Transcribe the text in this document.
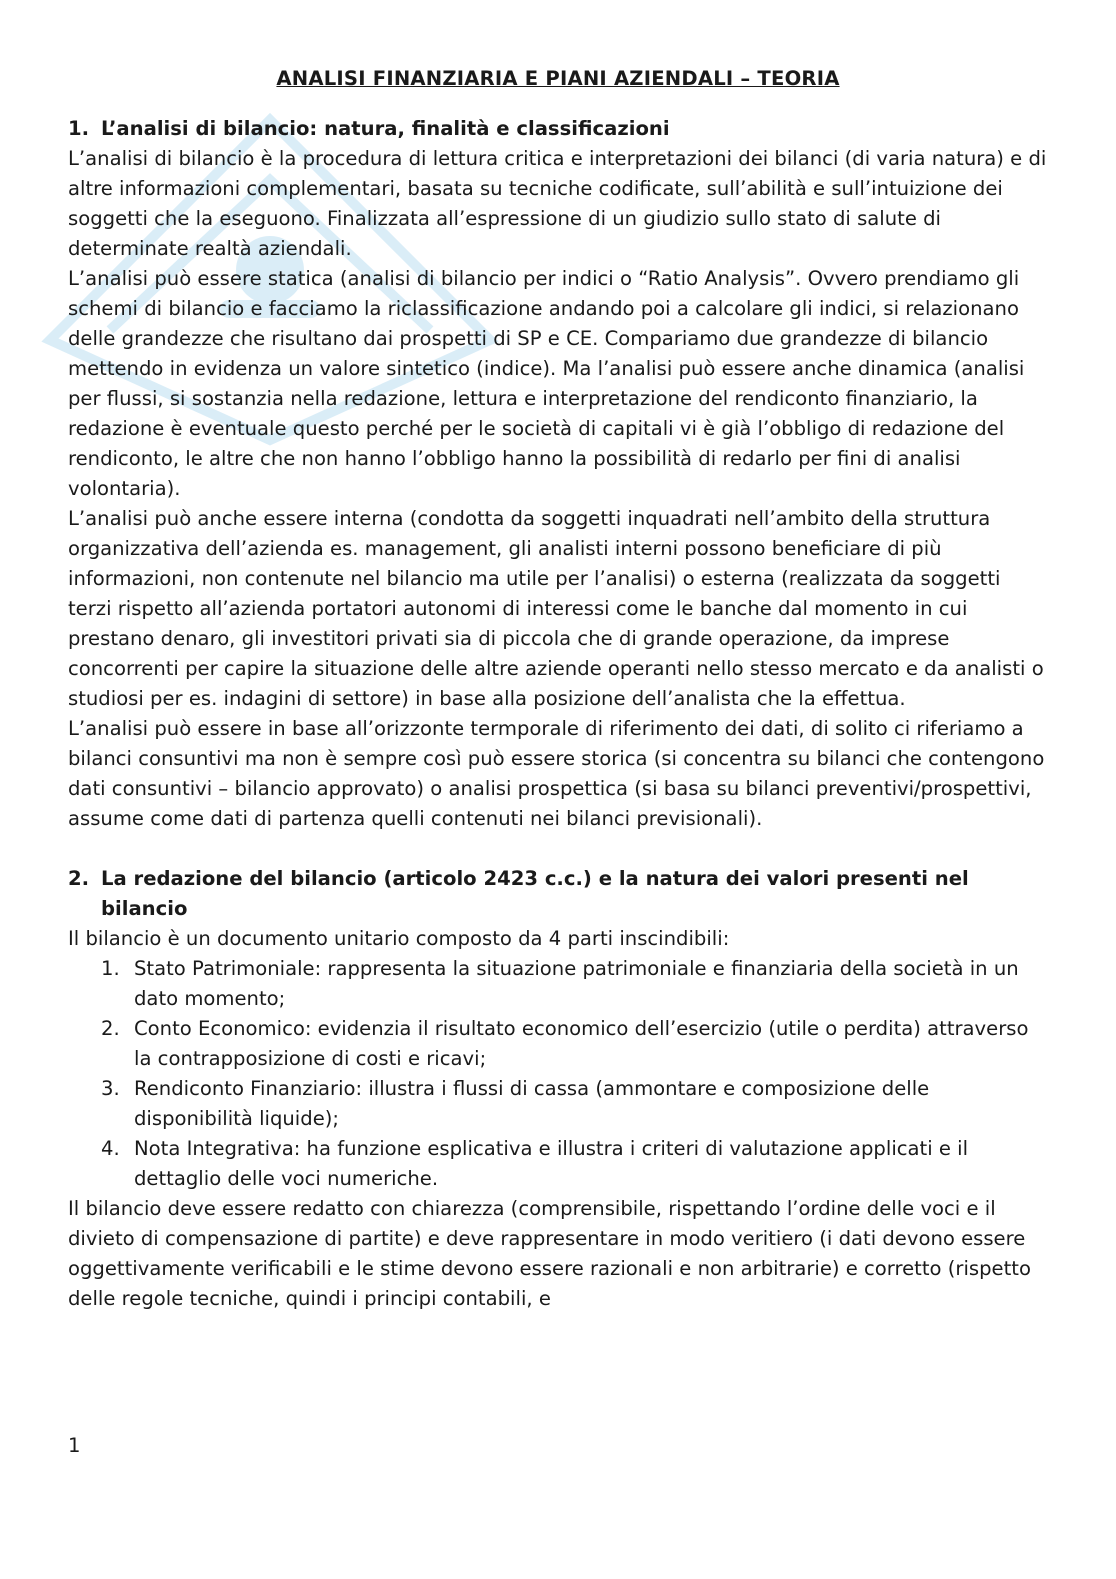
ANALISI FINANZIARIA E PIANI AZIENDALI – TEORIA
1. L’analisi di bilancio: natura, finalità e classificazioni

L’analisi di bilancio è la procedura di lettura critica e interpretazioni dei bilanci (di varia natura) e di altre informazioni complementari, basata su tecniche codificate, sull’abilità e sull’intuizione dei soggetti che la eseguono. Finalizzata all’espressione di un giudizio sullo stato di salute di determinate realtà aziendali.

L’analisi può essere statica (analisi di bilancio per indici o “Ratio Analysis”. Ovvero prendiamo gli schemi di bilancio e facciamo la riclassificazione andando poi a calcolare gli indici, si relazionano delle grandezze che risultano dai prospetti di SP e CE. Compariamo due grandezze di bilancio mettendo in evidenza un valore sintetico (indice). Ma l’analisi può essere anche dinamica (analisi per flussi, si sostanzia nella redazione, lettura e interpretazione del rendiconto finanziario, la redazione è eventuale questo perché per le società di capitali vi è già l’obbligo di redazione del rendiconto, le altre che non hanno l’obbligo hanno la possibilità di redarlo per fini di analisi volontaria).

L’analisi può anche essere interna (condotta da soggetti inquadrati nell’ambito della struttura organizzativa dell’azienda es. management, gli analisti interni possono beneficiare di più informazioni, non contenute nel bilancio ma utile per l’analisi) o esterna (realizzata da soggetti terzi rispetto all’azienda portatori autonomi di interessi come le banche dal momento in cui prestano denaro, gli investitori privati sia di piccola che di grande operazione, da imprese concorrenti per capire la situazione delle altre aziende operanti nello stesso mercato e da analisti o studiosi per es. indagini di settore) in base alla posizione dell’analista che la effettua.

L’analisi può essere in base all’orizzonte termporale di riferimento dei dati, di solito ci riferiamo a bilanci consuntivi ma non è sempre così può essere storica (si concentra su bilanci che contengono dati consuntivi – bilancio approvato) o analisi prospettica (si basa su bilanci preventivi/prospettivi, assume come dati di partenza quelli contenuti nei bilanci previsionali).

2. La redazione del bilancio (articolo 2423 c.c.) e la natura dei valori presenti nel bilancio

Il bilancio è un documento unitario composto da 4 parti inscindibili:

1. Stato Patrimoniale: rappresenta la situazione patrimoniale e finanziaria della società in un dato momento;
2. Conto Economico: evidenzia il risultato economico dell’esercizio (utile o perdita) attraverso la contrapposizione di costi e ricavi;
3. Rendiconto Finanziario: illustra i flussi di cassa (ammontare e composizione delle disponibilità liquide);
4. Nota Integrativa: ha funzione esplicativa e illustra i criteri di valutazione applicati e il dettaglio delle voci numeriche.

Il bilancio deve essere redatto con chiarezza (comprensibile, rispettando l’ordine delle voci e il divieto di compensazione di partite) e deve rappresentare in modo veritiero (i dati devono essere oggettivamente verificabili e le stime devono essere razionali e non arbitrarie) e corretto (rispetto delle regole tecniche, quindi i principi contabili, e

1
